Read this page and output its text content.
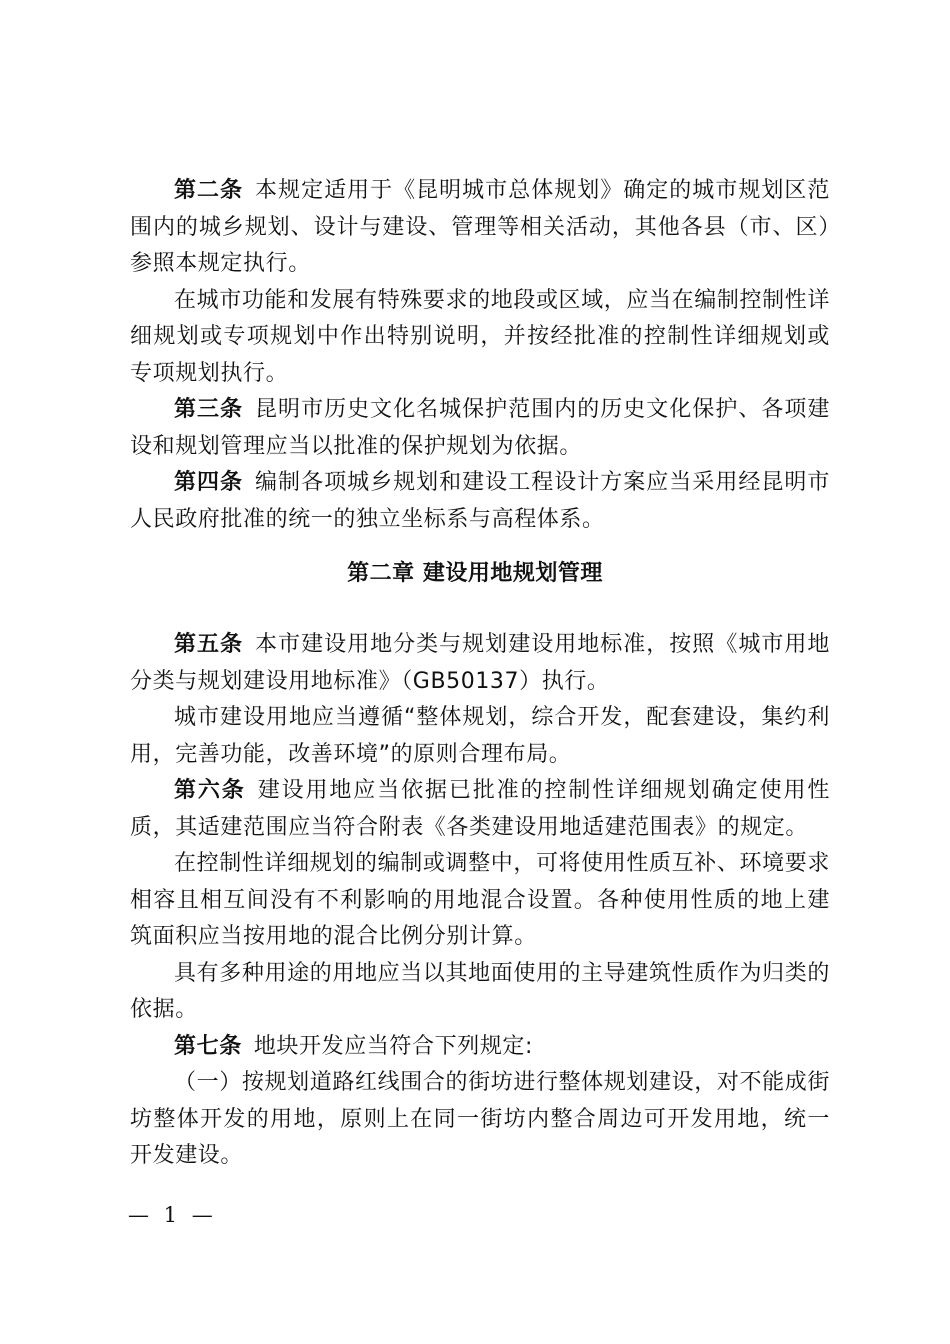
第二条 本规定适用于《昆明城市总体规划》确定的城市规划区范围内的城乡规划、设计与建设、管理等相关活动，其他各县（市、区）参照本规定执行。

在城市功能和发展有特殊要求的地段或区域，应当在编制控制性详细规划或专项规划中作出特别说明，并按经批准的控制性详细规划或专项规划执行。

第三条 昆明市历史文化名城保护范围内的历史文化保护、各项建设和规划管理应当以批准的保护规划为依据。

第四条 编制各项城乡规划和建设工程设计方案应当采用经昆明市人民政府批准的统一的独立坐标系与高程体系。

第二章 建设用地规划管理

第五条 本市建设用地分类与规划建设用地标准，按照《城市用地分类与规划建设用地标准》（GB50137）执行。

城市建设用地应当遵循“整体规划，综合开发，配套建设，集约利用，完善功能，改善环境”的原则合理布局。

第六条 建设用地应当依据已批准的控制性详细规划确定使用性质，其适建范围应当符合附表《各类建设用地适建范围表》的规定。

在控制性详细规划的编制或调整中，可将使用性质互补、环境要求相容且相互间没有不利影响的用地混合设置。各种使用性质的地上建筑面积应当按用地的混合比例分别计算。

具有多种用途的用地应当以其地面使用的主导建筑性质作为归类的依据。

第七条 地块开发应当符合下列规定:

（一）按规划道路红线围合的街坊进行整体规划建设，对不能成街坊整体开发的用地，原则上在同一街坊内整合周边可开发用地，统一开发建设。

— 1 —
